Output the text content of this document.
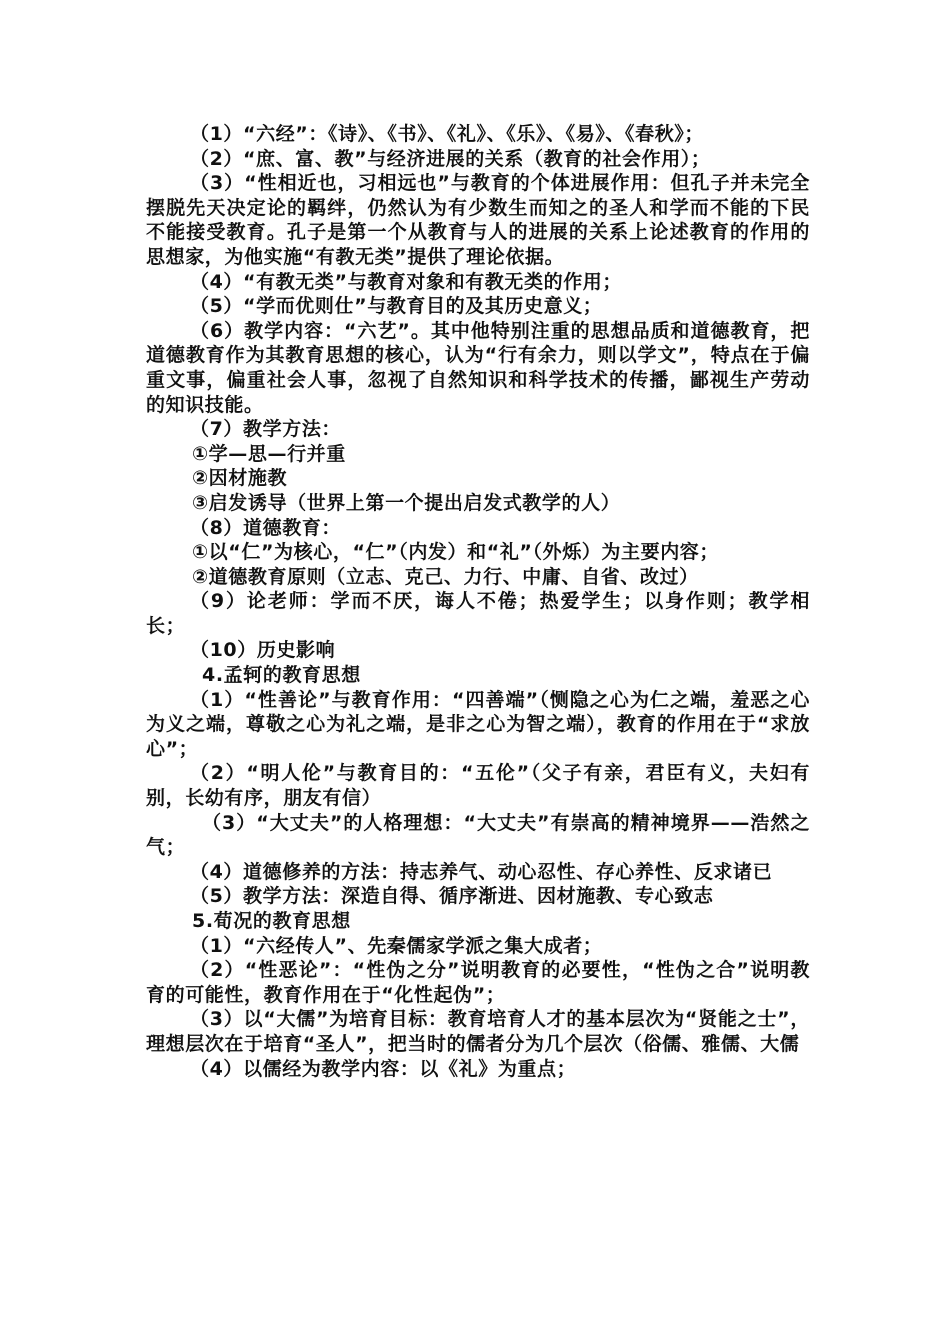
（1）“六经”：《诗》、《书》、《礼》、《乐》、《易》、《春秋》；

（2）“庶、富、教”与经济进展的关系（教育的社会作用）；

（3）“性相近也，习相远也”与教育的个体进展作用：但孔子并未完全摆脱先天决定论的羁绊，仍然认为有少数生而知之的圣人和学而不能的下民不能接受教育。孔子是第一个从教育与人的进展的关系上论述教育的作用的思想家，为他实施“有教无类”提供了理论依据。

（4）“有教无类”与教育对象和有教无类的作用；

（5）“学而优则仕”与教育目的及其历史意义；

（6）教学内容：“六艺”。其中他特别注重的思想品质和道德教育，把道德教育作为其教育思想的核心，认为“行有余力，则以学文”，特点在于偏重文事，偏重社会人事，忽视了自然知识和科学技术的传播，鄙视生产劳动的知识技能。

（7）教学方法：

①学—思—行并重

②因材施教

③启发诱导（世界上第一个提出启发式教学的人）

（8）道德教育：

①以“仁”为核心，“仁”（内发）和“礼”（外烁）为主要内容；

②道德教育原则（立志、克己、力行、中庸、自省、改过）

（9）论老师：学而不厌，诲人不倦；热爱学生；以身作则；教学相长；

（10）历史影响

4.孟轲的教育思想

（1）“性善论”与教育作用：“四善端”（恻隐之心为仁之端，羞恶之心为义之端，尊敬之心为礼之端，是非之心为智之端），教育的作用在于“求放心”；

（2）“明人伦”与教育目的：“五伦”（父子有亲，君臣有义，夫妇有别，长幼有序，朋友有信）

（3）“大丈夫”的人格理想：“大丈夫”有崇高的精神境界——浩然之气；

（4）道德修养的方法：持志养气、动心忍性、存心养性、反求诸已

（5）教学方法：深造自得、循序渐进、因材施教、专心致志

5.荀况的教育思想

（1）“六经传人”、先秦儒家学派之集大成者；

（2）“性恶论”：“性伪之分”说明教育的必要性，“性伪之合”说明教育的可能性，教育作用在于“化性起伪”；

（3）以“大儒”为培育目标：教育培育人才的基本层次为“贤能之士”，理想层次在于培育“圣人”，把当时的儒者分为几个层次（俗儒、雅儒、大儒

（4）以儒经为教学内容：以《礼》为重点；
